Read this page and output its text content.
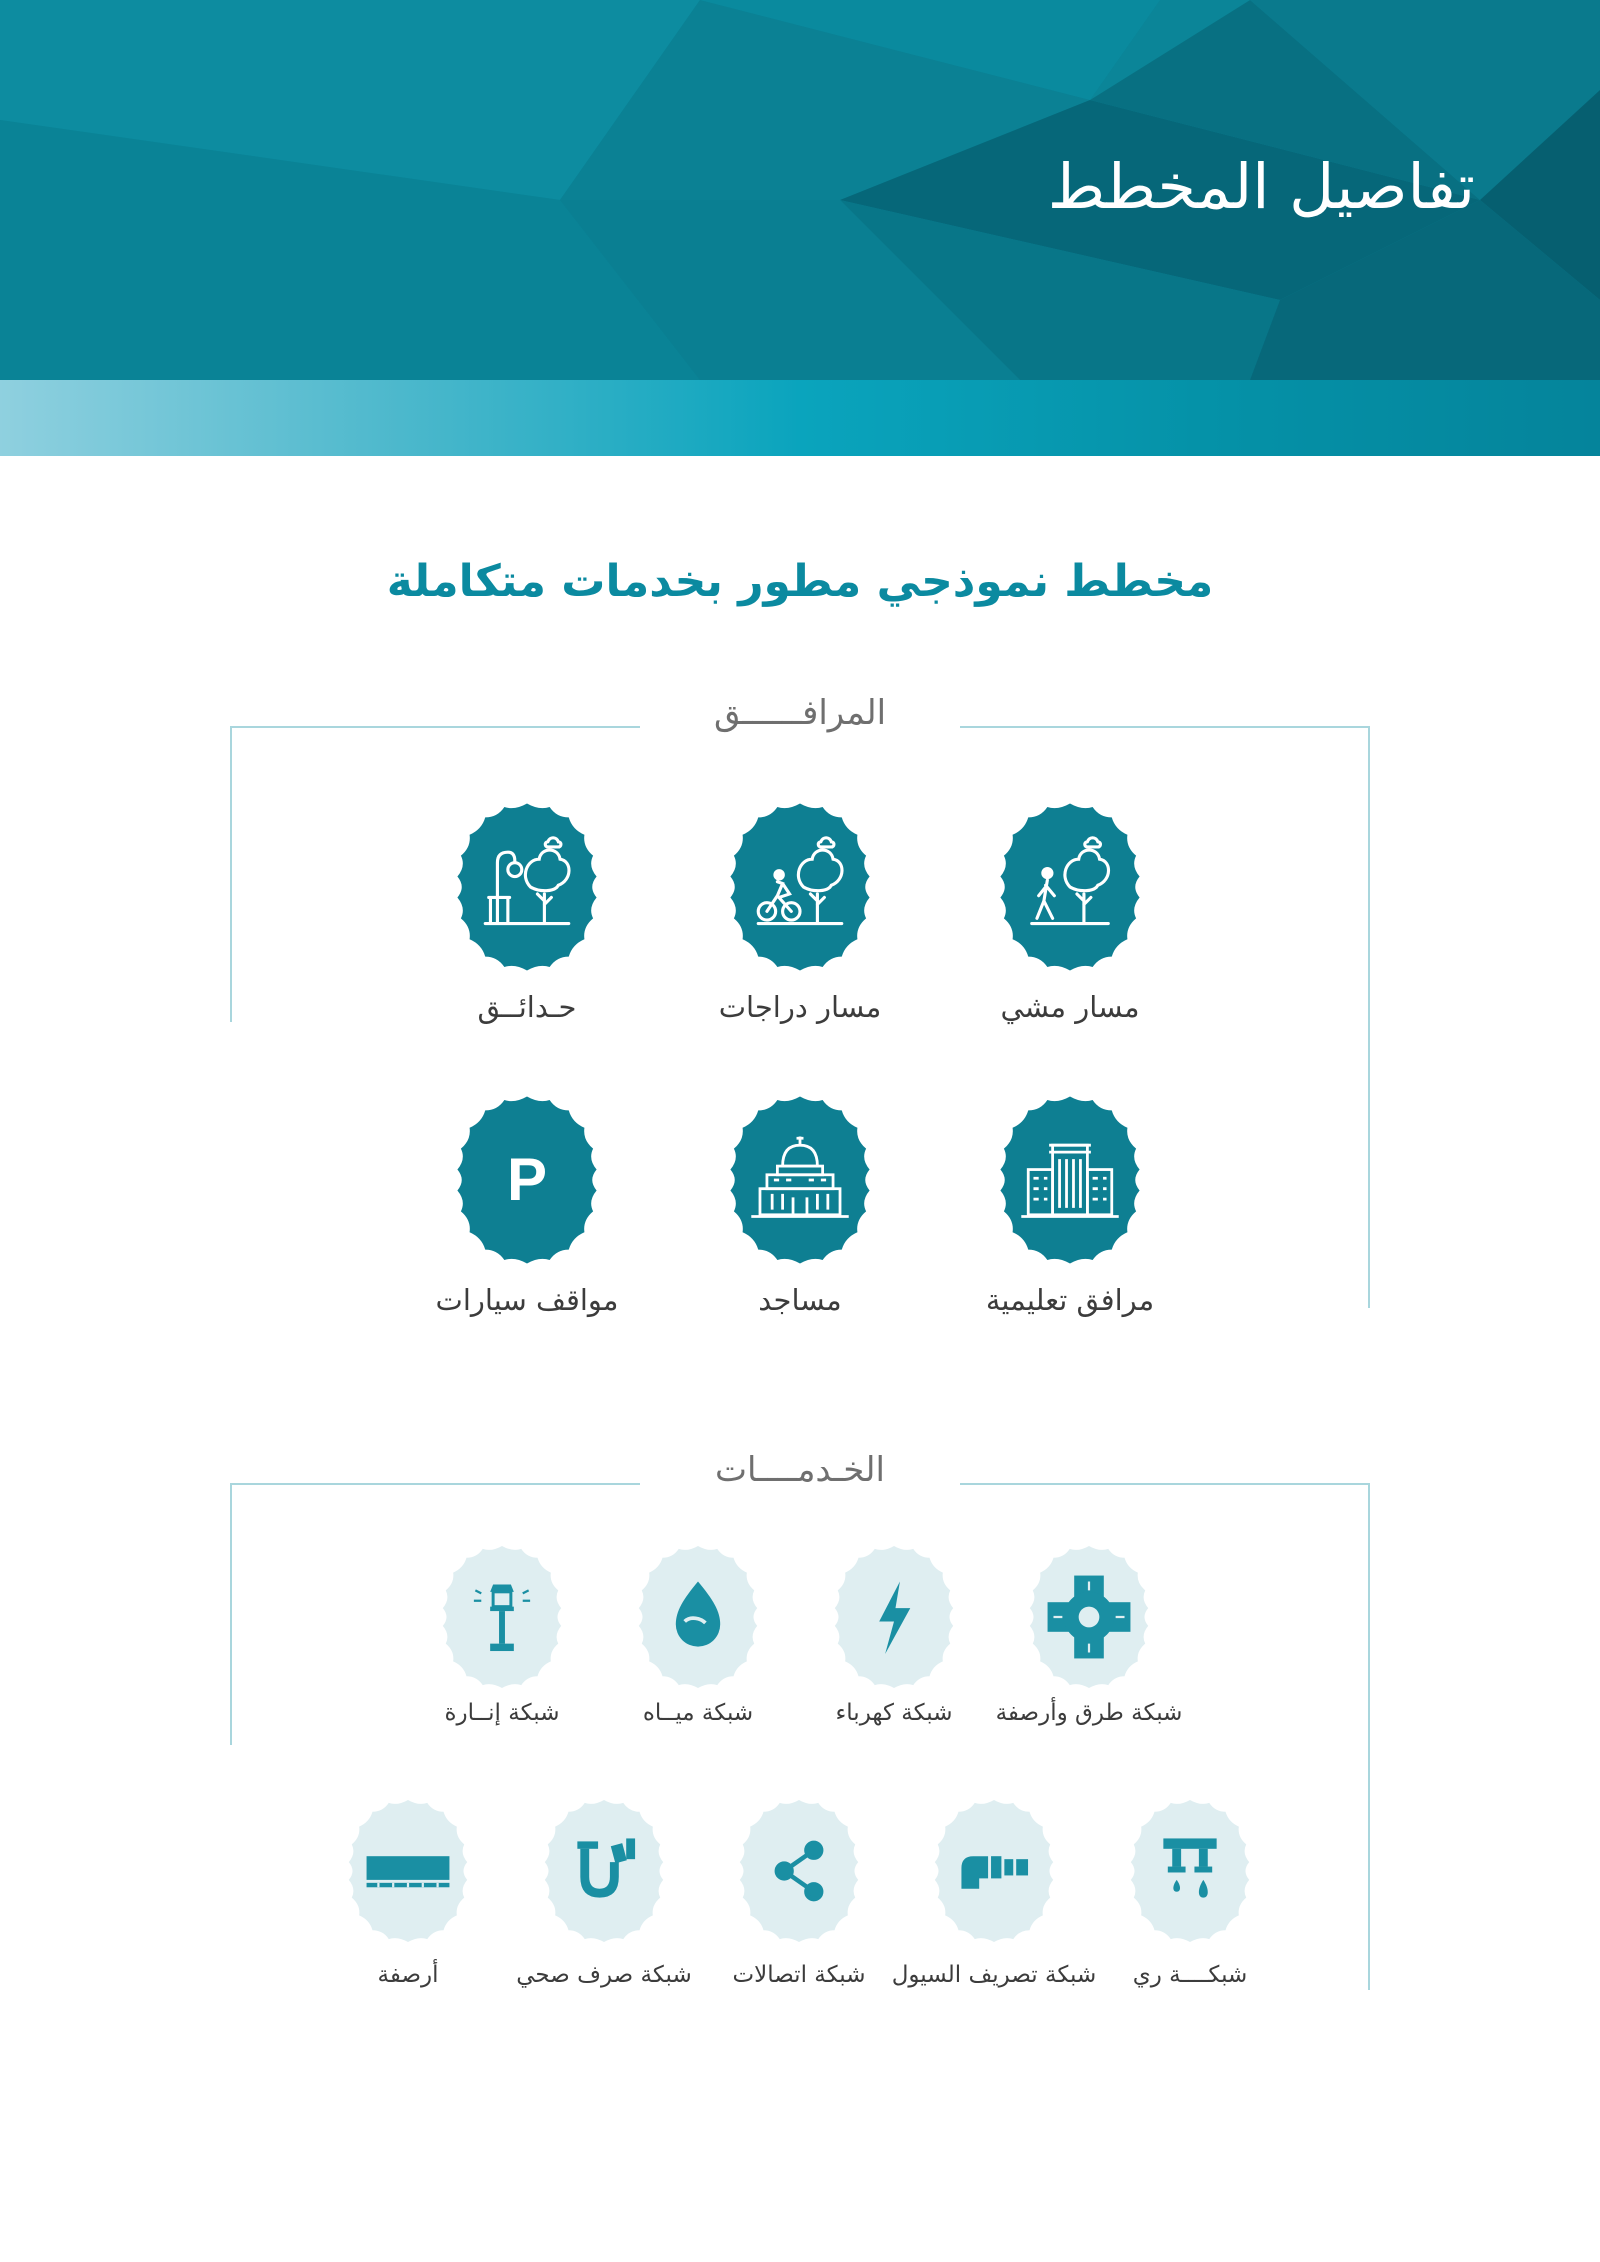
تفاصيل المخطط
مخطط نموذجي مطور بخدمات متكاملة
المرافــــــق
مسار مشي
مسار دراجات
حـدائــق
P
مرافق تعليمية
مساجد
مواقف سيارات
الخـدمــــات
شبكة طرق وأرصفة
شبكة كهرباء
شبكة ميــاه
شبكة إنــارة
شبكــــة ري
شبكة تصريف السيول
شبكة اتصالات
شبكة صرف صحي
أرصفة
